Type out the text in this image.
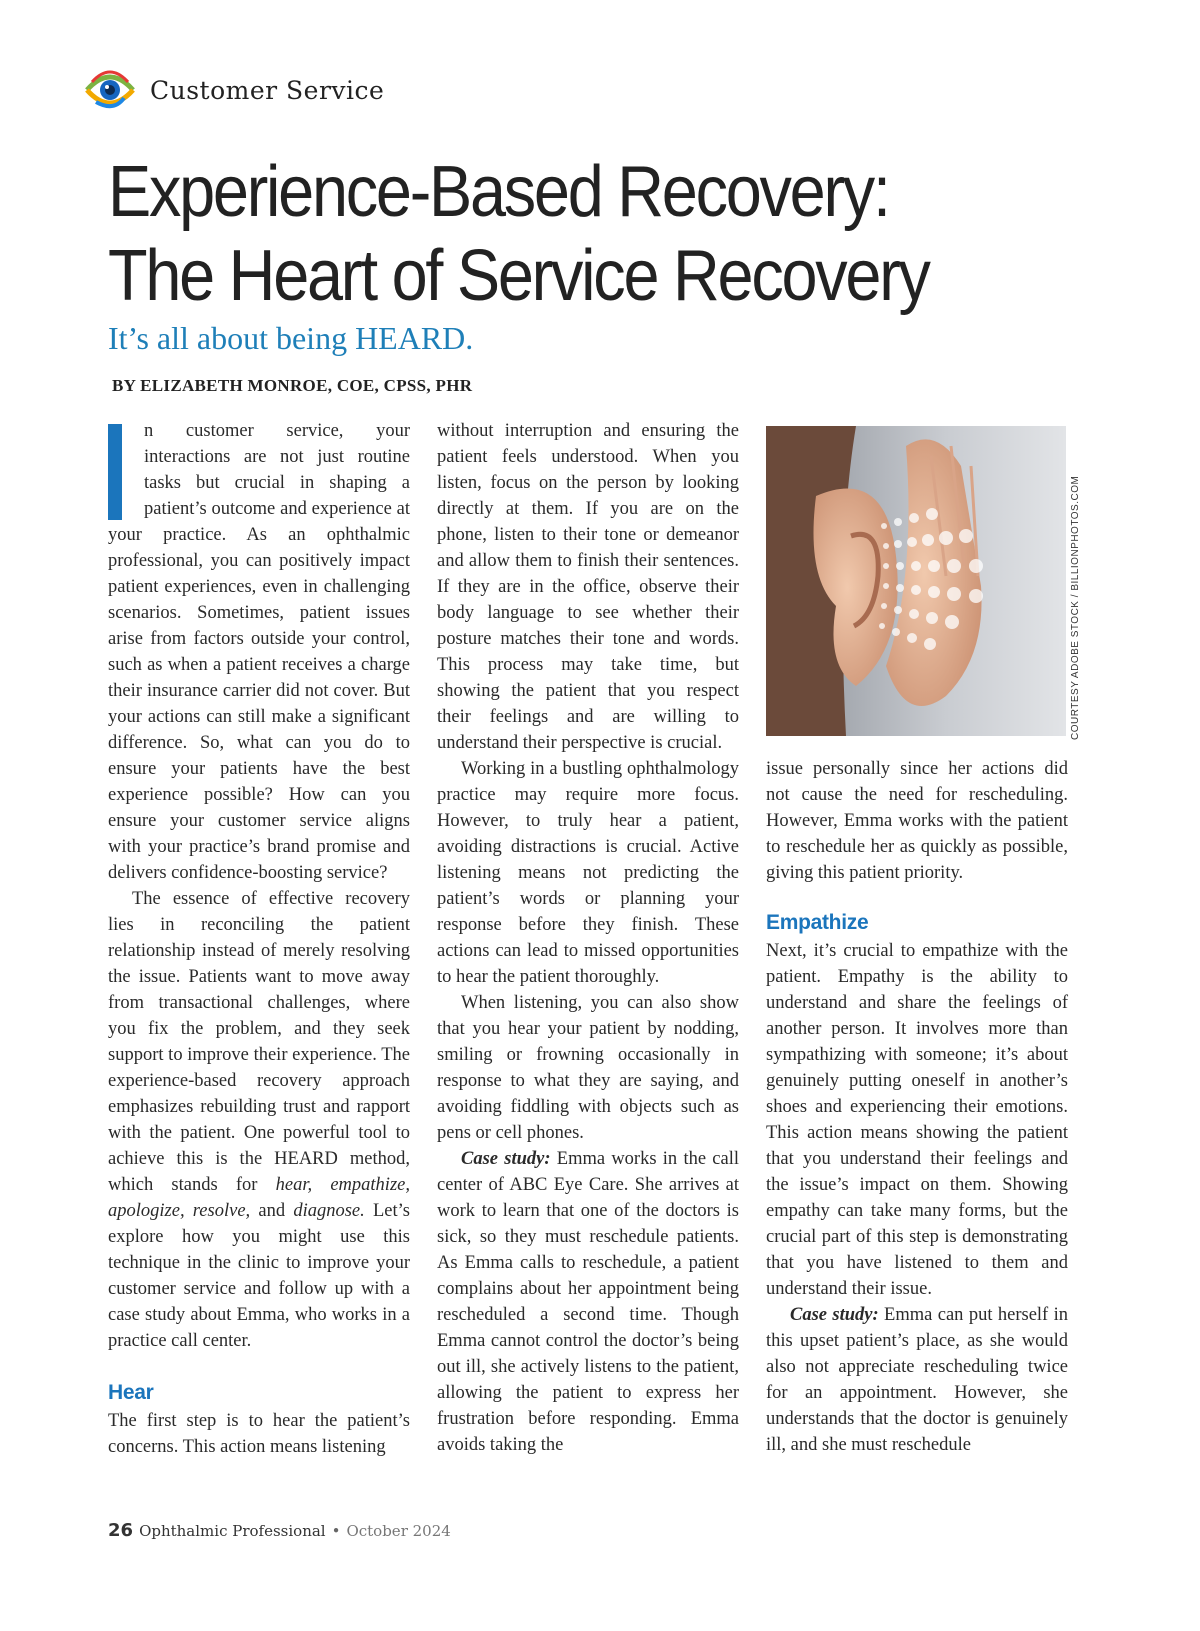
Customer Service
Experience-Based Recovery:
The Heart of Service Recovery
It’s all about being HEARD.
BY ELIZABETH MONROE, COE, CPSS, PHR

n customer service, your interactions are not just routine tasks but crucial in shaping a patient’s outcome and experience at your practice. As an ophthalmic professional, you can positively impact patient experiences, even in challenging scenarios. Sometimes, patient issues arise from factors outside your control, such as when a patient receives a charge their insurance carrier did not cover. But your actions can still make a significant difference. So, what can you do to ensure your patients have the best experience possible? How can you ensure your customer service aligns with your practice’s brand promise and delivers confidence-boosting service?

The essence of effective recovery lies in reconciling the patient relationship instead of merely resolving the issue. Patients want to move away from transactional challenges, where you fix the problem, and they seek support to improve their experience. The experience-based recovery approach emphasizes rebuilding trust and rapport with the patient. One powerful tool to achieve this is the HEARD method, which stands for hear, empathize, apologize, resolve, and diagnose. Let’s explore how you might use this technique in the clinic to improve your customer service and follow up with a case study about Emma, who works in a practice call center.

Hear

The first step is to hear the patient’s concerns. This action means listening

without interruption and ensuring the patient feels understood. When you listen, focus on the person by looking directly at them. If you are on the phone, listen to their tone or demeanor and allow them to finish their sentences. If they are in the office, observe their body language to see whether their posture matches their tone and words. This process may take time, but showing the patient that you respect their feelings and are willing to understand their perspective is crucial.

Working in a bustling ophthalmology practice may require more focus. However, to truly hear a patient, avoiding distractions is crucial. Active listening means not predicting the patient’s words or planning your response before they finish. These actions can lead to missed opportunities to hear the patient thoroughly.

When listening, you can also show that you hear your patient by nodding, smiling or frowning occasionally in response to what they are saying, and avoiding fiddling with objects such as pens or cell phones.

Case study: Emma works in the call center of ABC Eye Care. She arrives at work to learn that one of the doctors is sick, so they must reschedule patients. As Emma calls to reschedule, a patient complains about her appointment being rescheduled a second time. Though Emma cannot control the doctor’s being out ill, she actively listens to the patient, allowing the patient to express her frustration before responding. Emma avoids taking the

COURTESY ADOBE STOCK / BILLIONPHOTOS.COM

issue personally since her actions did not cause the need for rescheduling. However, Emma works with the patient to reschedule her as quickly as possible, giving this patient priority.

Empathize

Next, it’s crucial to empathize with the patient. Empathy is the ability to understand and share the feelings of another person. It involves more than sympathizing with someone; it’s about genuinely putting oneself in another’s shoes and experiencing their emotions. This action means showing the patient that you understand their feelings and the issue’s impact on them. Showing empathy can take many forms, but the crucial part of this step is demonstrating that you have listened to them and understand their issue.

Case study: Emma can put herself in this upset patient’s place, as she would also not appreciate rescheduling twice for an appointment. However, she understands that the doctor is genuinely ill, and she must reschedule

26 Ophthalmic Professional • October 2024
